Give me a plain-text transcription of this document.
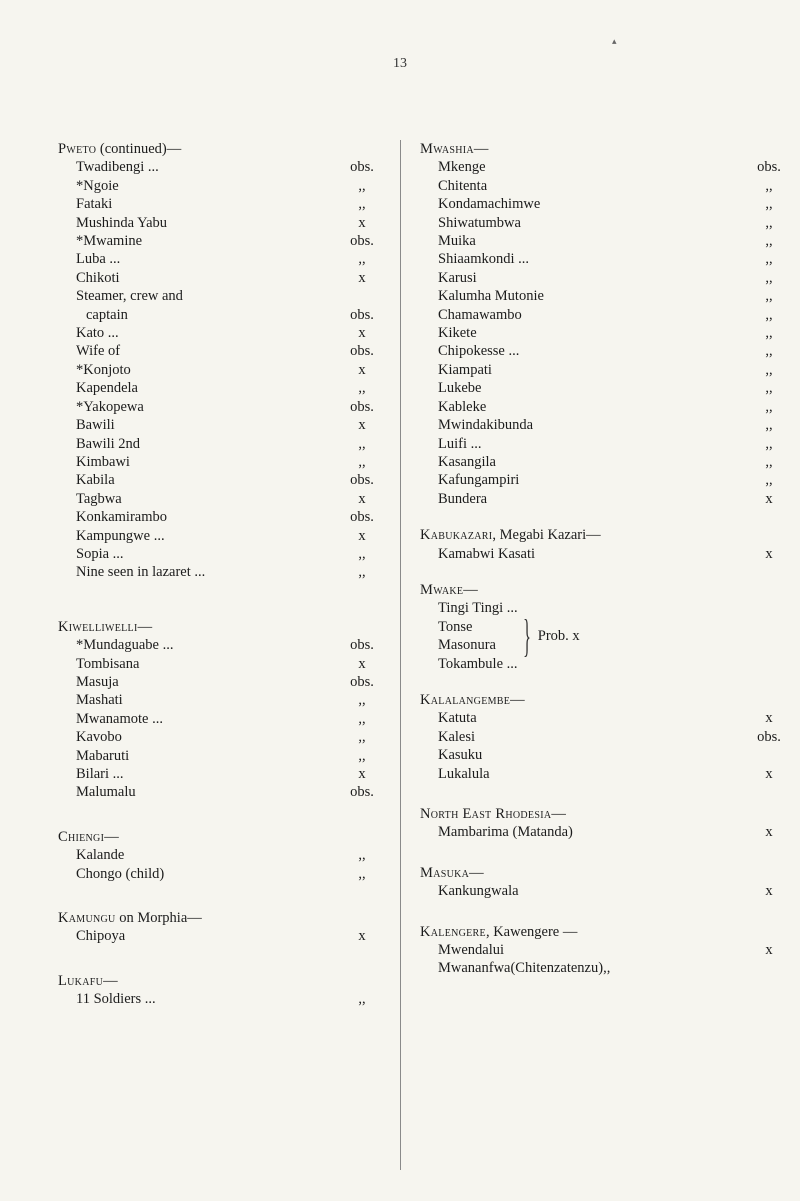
▴
13
Pweto (continued)—
Twadibengi ...	obs.
*Ngoie	,,
Fataki	,,
Mushinda Yabu	x
*Mwamine	obs.
Luba ...	,,
Chikoti	x
Steamer, crew and
captain	obs.
Kato ...	x
Wife of	obs.
*Konjoto	x
Kapendela	,,
*Yakopewa	obs.
Bawili	x
Bawili 2nd	,,
Kimbawi	,,
Kabila	obs.
Tagbwa	x
Konkamirambo	obs.
Kampungwe ...	x
Sopia ...	,,
Nine seen in lazaret ...	,,
Kiwelliwelli—
*Mundaguabe ...	obs.
Tombisana	x
Masuja	obs.
Mashati	,,
Mwanamote ...	,,
Kavobo	,,
Mabaruti	,,
Bilari ...	x
Malumalu	obs.
Chiengi—
Kalande	,,
Chongo (child)	,,
Kamungu on Morphia—
Chipoya	x
Lukafu—
11 Soldiers ...	,,
Mwashia—
Mkenge	obs.
Chitenta	,,
Kondamachimwe	,,
Shiwatumbwa	,,
Muika	,,
Shiaamkondi ...	,,
Karusi	,,
Kalumha Mutonie	,,
Chamawambo	,,
Kikete	,,
Chipokesse ...	,,
Kiampati	,,
Lukebe	,,
Kableke	,,
Mwindakibunda	,,
Luifi ...	,,
Kasangila	,,
Kafungampiri	,,
Bundera	x
Kabukazari, Megabi Kazari—
Kamabwi Kasati	x
Mwake—
Tingi Tingi ...
Tonse
Masonura
Tokambule ...
} Prob. x
Kalalangembe—
Katuta	x
Kalesi	obs.
Kasuku
Lukalula	x
North East Rhodesia—
Mambarima (Matanda)	x
Masuka—
Kankungwala	x
Kalengere, Kawengere —
Mwendalui	x
Mwananfwa(Chitenzatenzu),,
